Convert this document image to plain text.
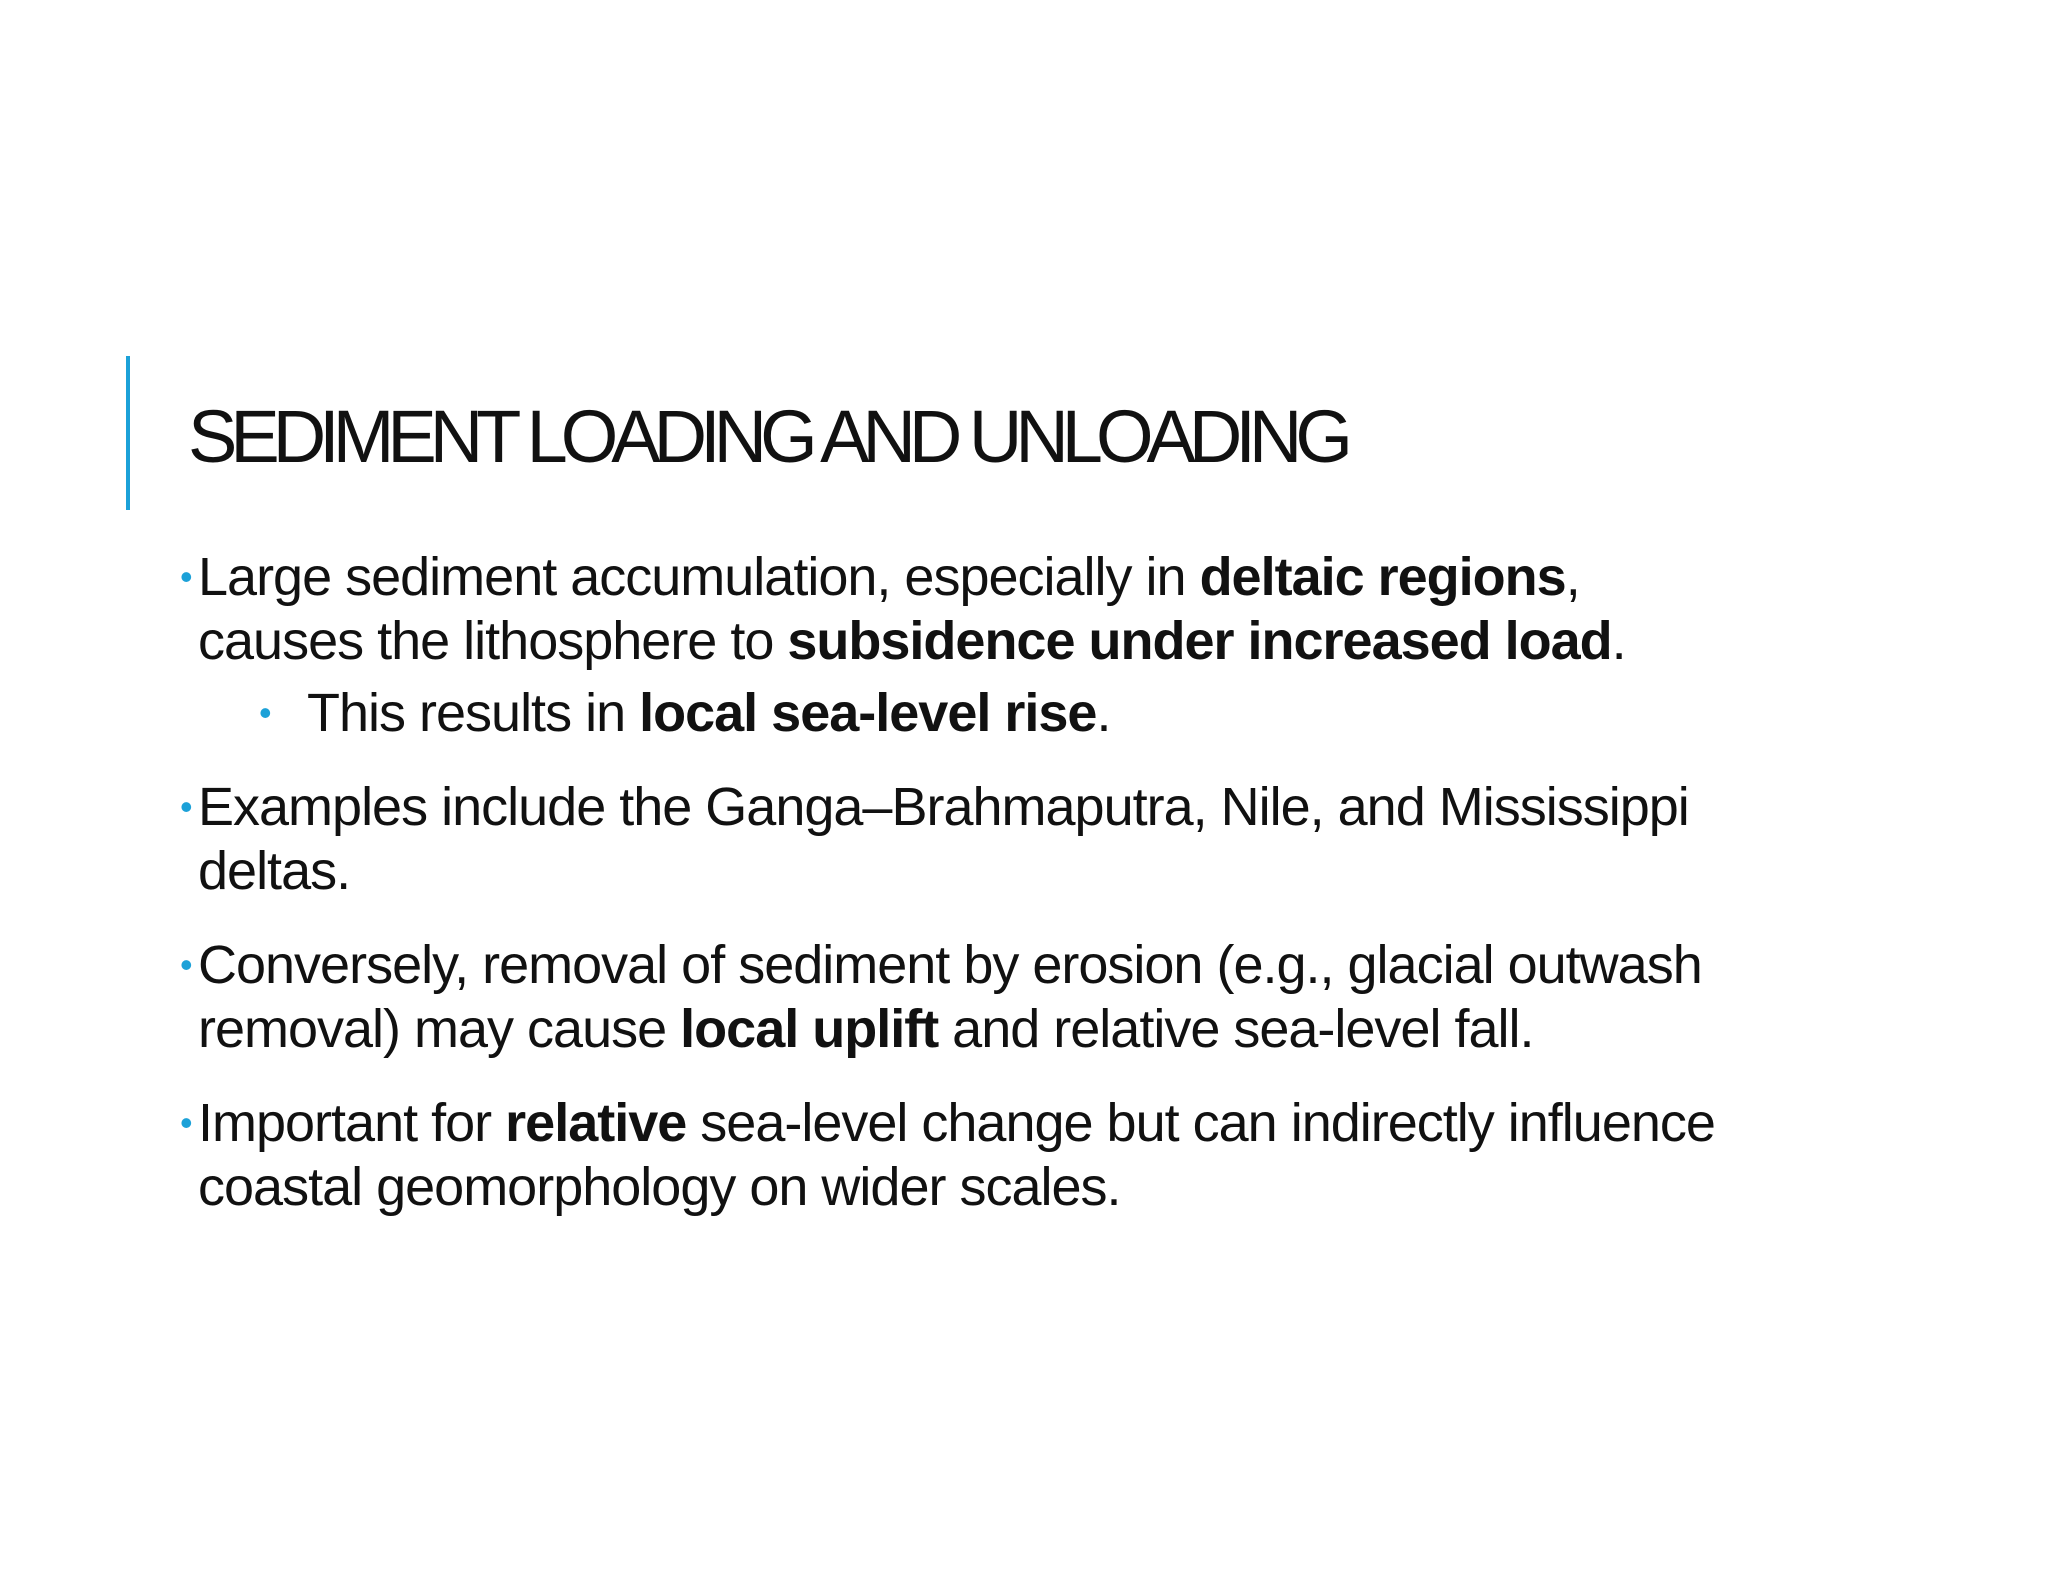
SEDIMENT LOADING AND UNLOADING
• Large sediment accumulation, especially in deltaic regions, causes the lithosphere to subsidence under increased load.
• This results in local sea-level rise.
• Examples include the Ganga–Brahmaputra, Nile, and Mississippi deltas.
• Conversely, removal of sediment by erosion (e.g., glacial outwash removal) may cause local uplift and relative sea-level fall.
• Important for relative sea-level change but can indirectly influence coastal geomorphology on wider scales.
